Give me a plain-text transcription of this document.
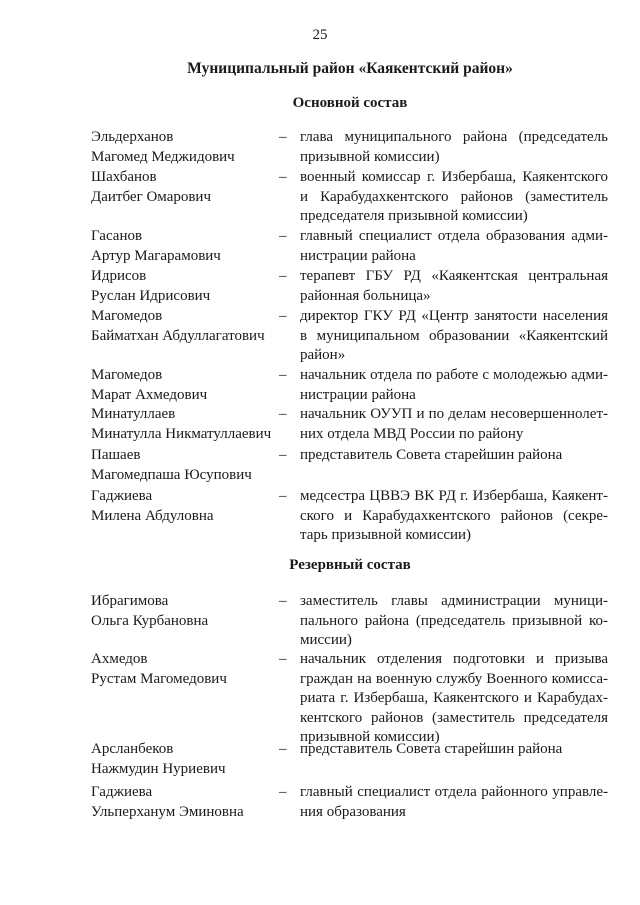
25
Муниципальный район «Каякентский район»
Основной состав
Эльдерханов
Магомед Меджидович
– глава муниципального района (председатель
призывной комиссии)
Шахбанов
Даитбег Омарович
– военный комиссар г. Избербаша, Каякентского
и Карабудахкентского районов (заместитель
председателя призывной комиссии)
Гасанов
Артур Магарамович
– главный специалист отдела образования адми-
нистрации района
Идрисов
Руслан Идрисович
– терапевт ГБУ РД «Каякентская центральная
районная больница»
Магомедов
Байматхан Абдуллагатович
– директор ГКУ РД «Центр занятости населения
в муниципальном образовании «Каякентский
район»
Магомедов
Марат Ахмедович
– начальник отдела по работе с молодежью адми-
нистрации района
Минатуллаев
Минатулла Никматуллаевич
– начальник ОУУП и по делам несовершеннолет-
них отдела МВД России по району
Пашаев
Магомедпаша Юсупович
– представитель Совета старейшин района
Гаджиева
Милена Абдуловна
– медсестра ЦВВЭ ВК РД г. Избербаша, Каякент-
ского и Карабудахкентского районов (секре-
тарь призывной комиссии)
Резервный состав
Ибрагимова
Ольга Курбановна
– заместитель главы администрации муници-
пального района (председатель призывной ко-
миссии)
Ахмедов
Рустам Магомедович
– начальник отделения подготовки и призыва
граждан на военную службу Военного комисса-
риата г. Избербаша, Каякентского и Карабудах-
кентского районов (заместитель председателя
призывной комиссии)
Арсланбеков
Нажмудин Нуриевич
– представитель Совета старейшин района
Гаджиева
Ульперханум Эминовна
– главный специалист отдела районного управле-
ния образования
